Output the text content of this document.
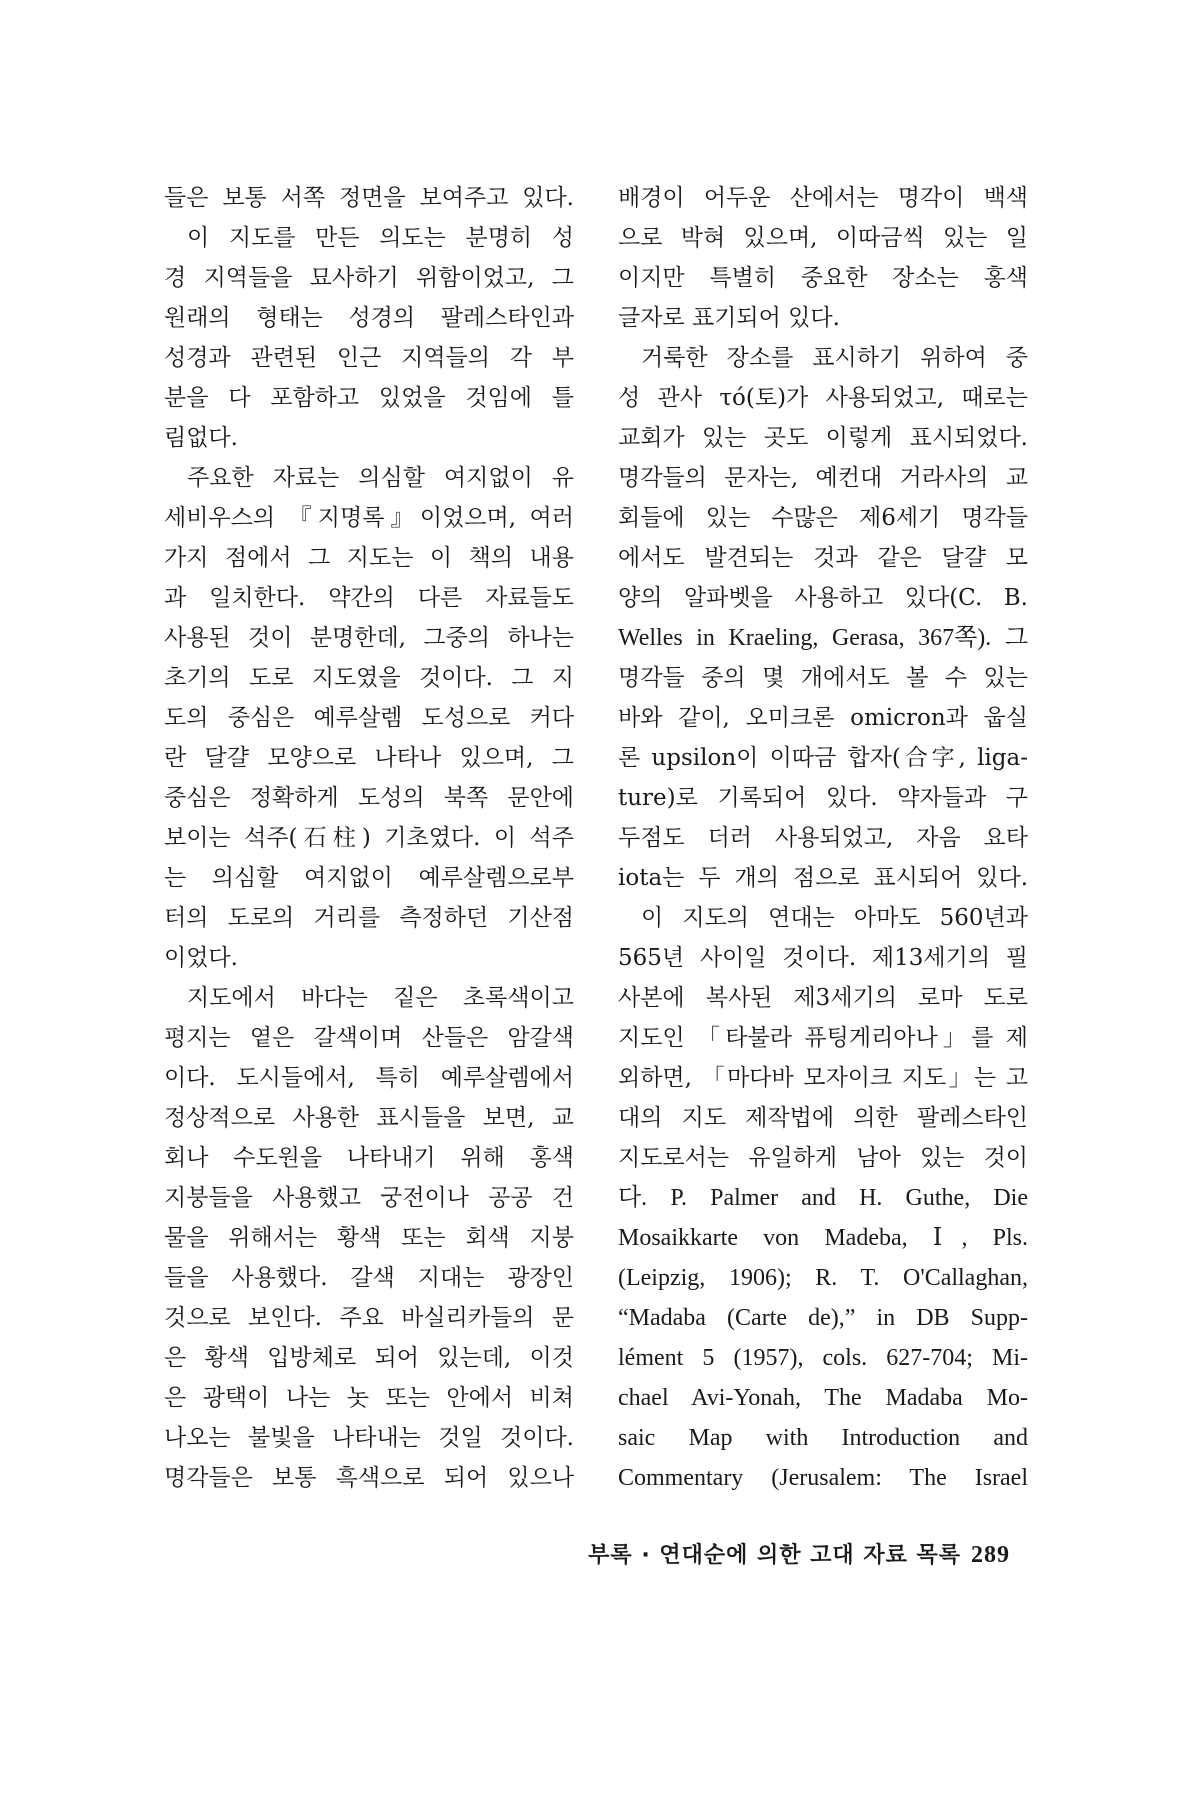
들은 보통 서쪽 정면을 보여주고 있다.
이 지도를 만든 의도는 분명히 성
경 지역들을 묘사하기 위함이었고, 그
원래의 형태는 성경의 팔레스타인과
성경과 관련된 인근 지역들의 각 부
분을 다 포함하고 있었을 것임에 틀
림없다.
주요한 자료는 의심할 여지없이 유
세비우스의 『지명록』이었으며, 여러
가지 점에서 그 지도는 이 책의 내용
과 일치한다. 약간의 다른 자료들도
사용된 것이 분명한데, 그중의 하나는
초기의 도로 지도였을 것이다. 그 지
도의 중심은 예루살렘 도성으로 커다
란 달걀 모양으로 나타나 있으며, 그
중심은 정확하게 도성의 북쪽 문안에
보이는 석주(石柱) 기초였다. 이 석주
는 의심할 여지없이 예루살렘으로부
터의 도로의 거리를 측정하던 기산점
이었다.
지도에서 바다는 짙은 초록색이고
평지는 옅은 갈색이며 산들은 암갈색
이다. 도시들에서, 특히 예루살렘에서
정상적으로 사용한 표시들을 보면, 교
회나 수도원을 나타내기 위해 홍색
지붕들을 사용했고 궁전이나 공공 건
물을 위해서는 황색 또는 회색 지붕
들을 사용했다. 갈색 지대는 광장인
것으로 보인다. 주요 바실리카들의 문
은 황색 입방체로 되어 있는데, 이것
은 광택이 나는 놋 또는 안에서 비쳐
나오는 불빛을 나타내는 것일 것이다.
명각들은 보통 흑색으로 되어 있으나
배경이 어두운 산에서는 명각이 백색
으로 박혀 있으며, 이따금씩 있는 일
이지만 특별히 중요한 장소는 홍색
글자로 표기되어 있다.
거룩한 장소를 표시하기 위하여 중
성 관사 τό(토)가 사용되었고, 때로는
교회가 있는 곳도 이렇게 표시되었다.
명각들의 문자는, 예컨대 거라사의 교
회들에 있는 수많은 제6세기 명각들
에서도 발견되는 것과 같은 달걀 모
양의 알파벳을 사용하고 있다(C. B.
Welles in Kraeling, Gerasa, 367쪽). 그
명각들 중의 몇 개에서도 볼 수 있는
바와 같이, 오미크론 omicron과 웁실
론 upsilon이 이따금 합자(合字, liga-
ture)로 기록되어 있다. 약자들과 구
두점도 더러 사용되었고, 자음 요타
iota는 두 개의 점으로 표시되어 있다.
이 지도의 연대는 아마도 560년과
565년 사이일 것이다. 제13세기의 필
사본에 복사된 제3세기의 로마 도로
지도인 「타불라 퓨팅게리아나」를 제
외하면, 「마다바 모자이크 지도」는 고
대의 지도 제작법에 의한 팔레스타인
지도로서는 유일하게 남아 있는 것이
다. P. Palmer and H. Guthe, Die
Mosaikkarte von Madeba, Ⅰ, Pls.
(Leipzig, 1906); R. T. O'Callaghan,
“Madaba (Carte de),” in DB Supp-
lément 5 (1957), cols. 627-704; Mi-
chael Avi-Yonah, The Madaba Mo-
saic Map with Introduction and
Commentary (Jerusalem: The Israel
부록 · 연대순에 의한 고대 자료 목록 289
